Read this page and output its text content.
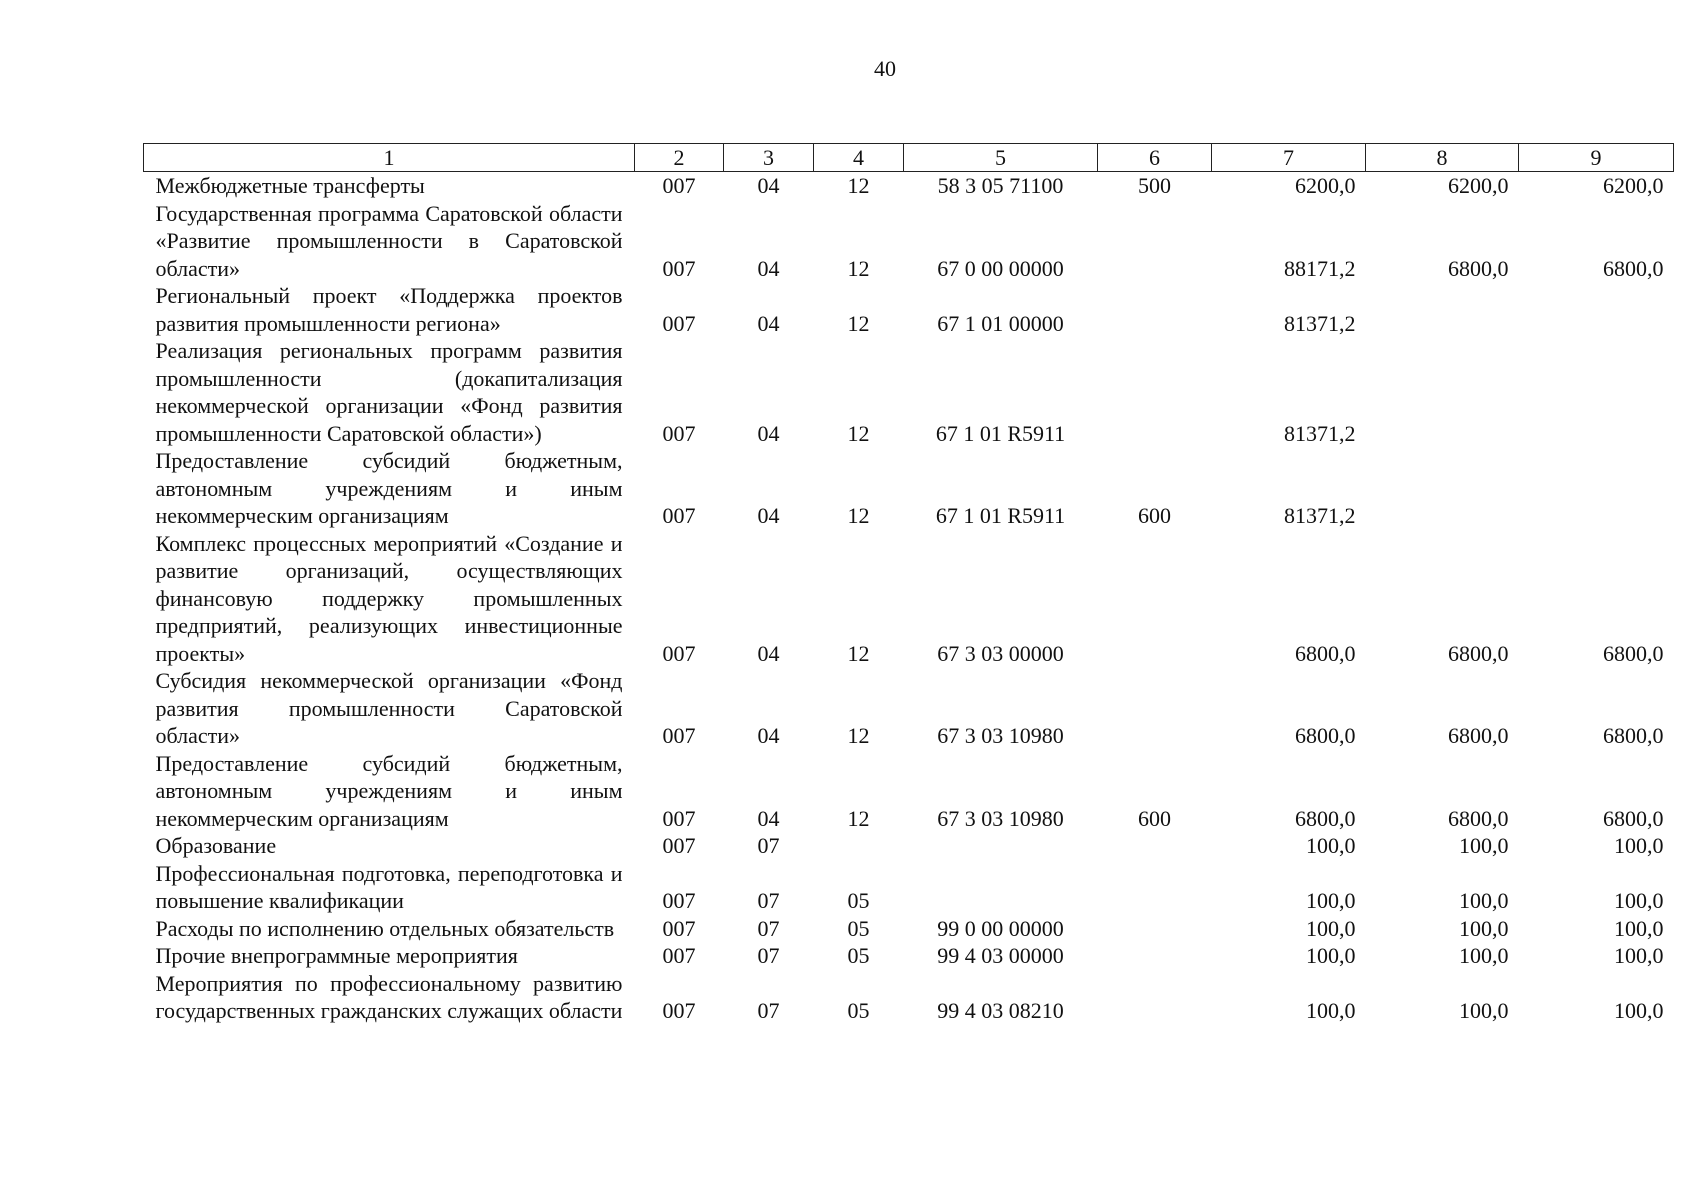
40
1	2	3	4	5	6	7	8	9
Межбюджетные трансферты	007	04	12	58 3 05 71100	500	6200,0	6200,0	6200,0
Государственная программа Саратовской области «Развитие промышленности в Саратовской области»	007	04	12	67 0 00 00000		88171,2	6800,0	6800,0
Региональный проект «Поддержка проектов развития промышленности региона»	007	04	12	67 1 01 00000		81371,2		
Реализация региональных программ развития промышленности (докапитализация некоммерческой организации «Фонд развития промышленности Саратовской области»)	007	04	12	67 1 01 R5911		81371,2		
Предоставление субсидий бюджетным, автономным учреждениям и иным некоммерческим организациям	007	04	12	67 1 01 R5911	600	81371,2		
Комплекс процессных мероприятий «Создание и развитие организаций, осуществляющих финансовую поддержку промышленных предприятий, реализующих инвестиционные проекты»	007	04	12	67 3 03 00000		6800,0	6800,0	6800,0
Субсидия некоммерческой организации «Фонд развития промышленности Саратовской области»	007	04	12	67 3 03 10980		6800,0	6800,0	6800,0
Предоставление субсидий бюджетным, автономным учреждениям и иным некоммерческим организациям	007	04	12	67 3 03 10980	600	6800,0	6800,0	6800,0
Образование	007	07				100,0	100,0	100,0
Профессиональная подготовка, переподготовка и повышение квалификации	007	07	05			100,0	100,0	100,0
Расходы по исполнению отдельных обязательств	007	07	05	99 0 00 00000		100,0	100,0	100,0
Прочие внепрограммные мероприятия	007	07	05	99 4 03 00000		100,0	100,0	100,0
Мероприятия по профессиональному развитию государственных гражданских служащих области	007	07	05	99 4 03 08210		100,0	100,0	100,0
